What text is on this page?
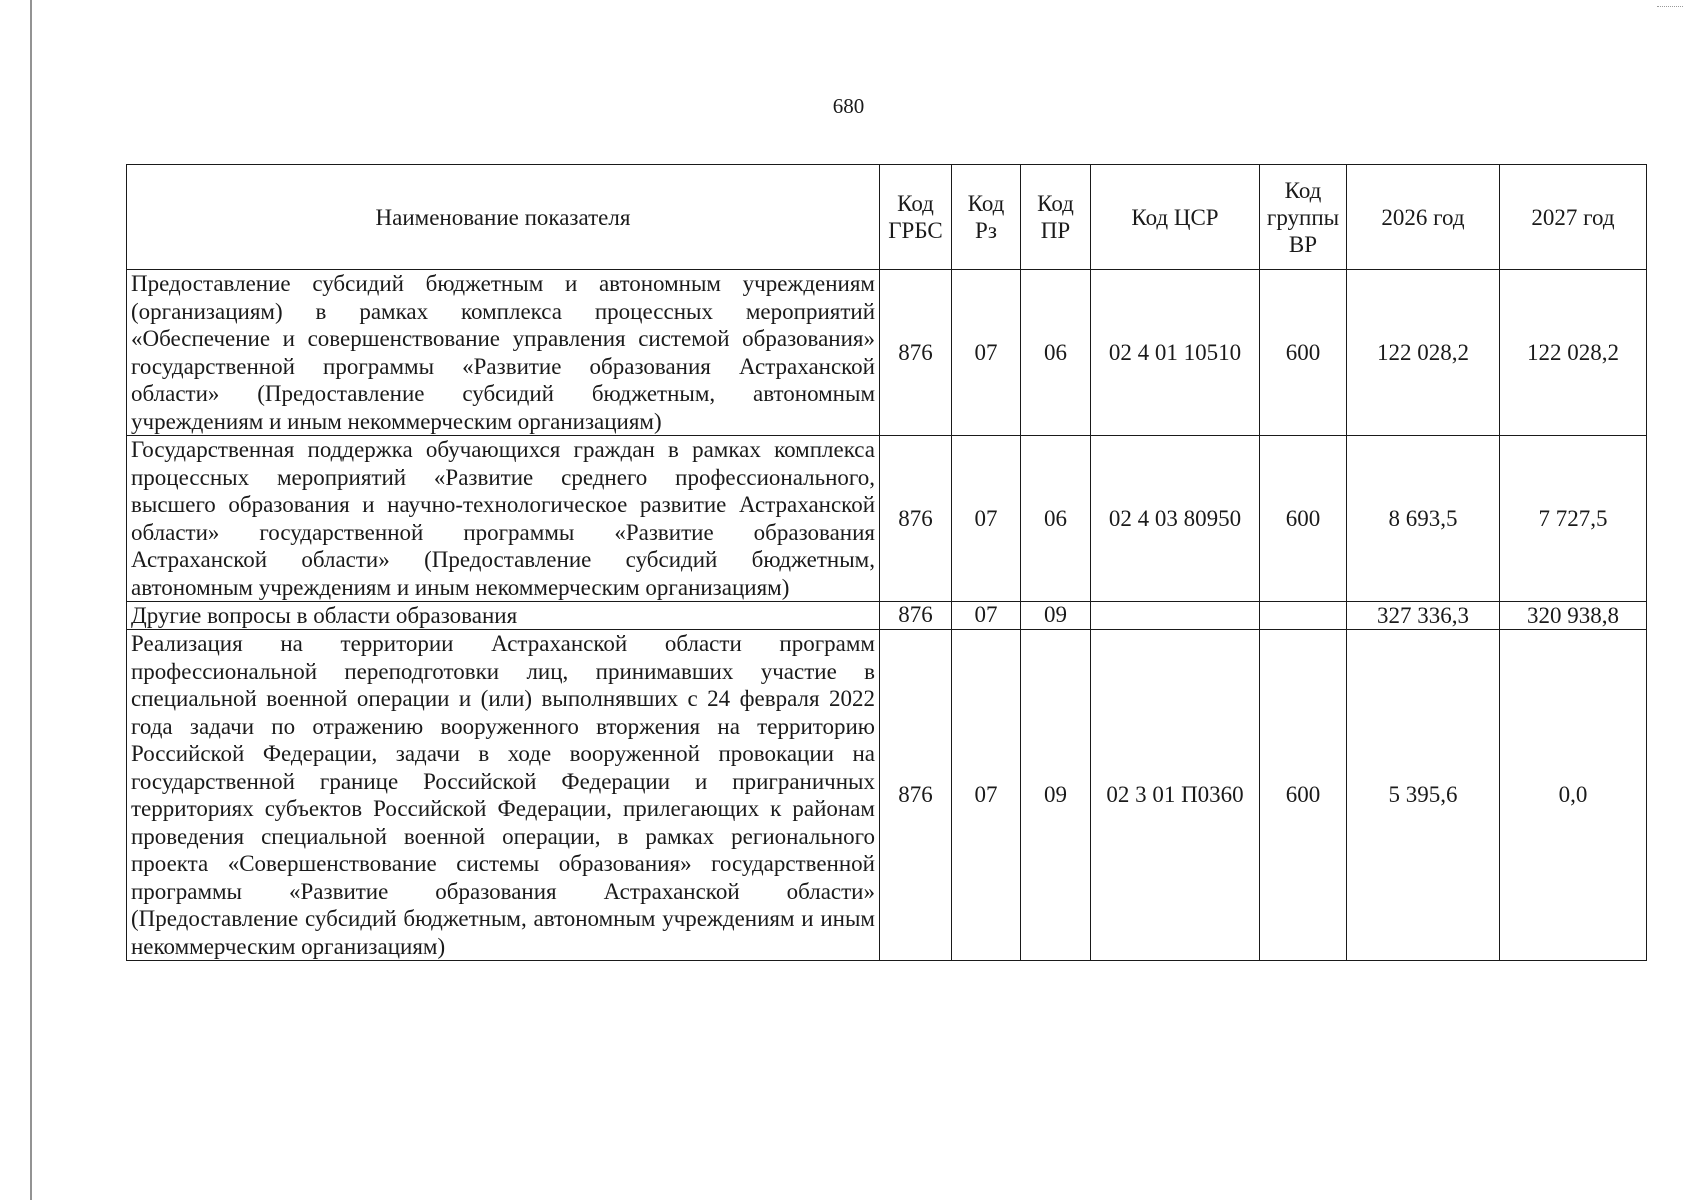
680
Наименование показателя	Код ГРБС	Код Рз	Код ПР	Код ЦСР	Код группы ВР	2026 год	2027 год
Предоставление субсидий бюджетным и автономным учреждениям (организациям) в рамках комплекса процессных мероприятий «Обеспечение и совершенствование управления системой образования» государственной программы «Развитие образования Астраханской области» (Предоставление субсидий бюджетным, автономным учреждениям и иным некоммерческим организациям)	876	07	06	02 4 01 10510	600	122 028,2	122 028,2
Государственная поддержка обучающихся граждан в рамках комплекса процессных мероприятий «Развитие среднего профессионального, высшего образования и научно-технологическое развитие Астраханской области» государственной программы «Развитие образования Астраханской области» (Предоставление субсидий бюджетным, автономным учреждениям и иным некоммерческим организациям)	876	07	06	02 4 03 80950	600	8 693,5	7 727,5
Другие вопросы в области образования	876	07	09			327 336,3	320 938,8
Реализация на территории Астраханской области программ профессиональной переподготовки лиц, принимавших участие в специальной военной операции и (или) выполнявших с 24 февраля 2022 года задачи по отражению вооруженного вторжения на территорию Российской Федерации, задачи в ходе вооруженной провокации на государственной границе Российской Федерации и приграничных территориях субъектов Российской Федерации, прилегающих к районам проведения специальной военной операции, в рамках регионального проекта «Совершенствование системы образования» государственной программы «Развитие образования Астраханской области» (Предоставление субсидий бюджетным, автономным учреждениям и иным некоммерческим организациям)	876	07	09	02 3 01 П0360	600	5 395,6	0,0
